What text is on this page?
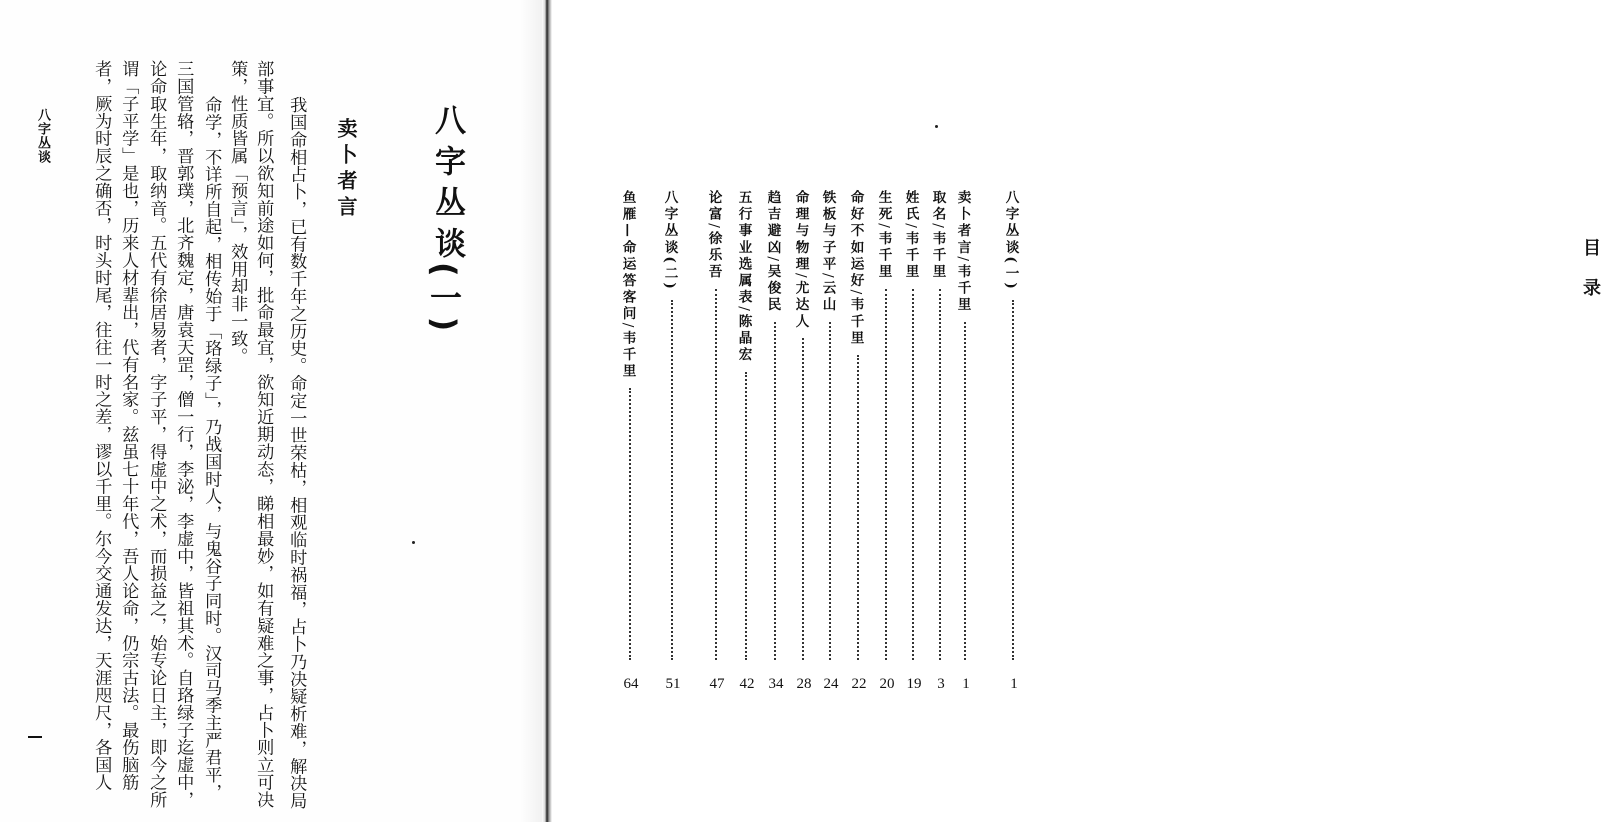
八字丛谈	八字丛谈
(一)
卖卜者言
我国命相占卜，已有数千年之历史。命定一世荣枯，相观临时祸福，占卜乃决疑析难，解决局
部事宜。所以欲知前途如何，批命最宜，欲知近期动态，睇相最妙，如有疑难之事，占卜则立可决
策，性质皆属「预言」，效用却非一致。
命学，不详所自起，相传始于「珞绿子」，乃战国时人，与鬼谷子同时。汉司马季主严君平，
三国管辂，晋郭璞，北齐魏定，唐袁天罡，僧一行，李泌，李虚中，皆祖其术。自珞绿子迄虚中，
论命取生年，取纳音。五代有徐居易者，字子平，得虚中之术，而损益之，始专论日主，即今之所
谓「子平学」是也，历来人材辈出，代有名家。兹虽七十年代，吾人论命，仍宗古法。最伤脑筋
者，厥为时辰之确否，时头时尾，往往一时之差，谬以千里。尔今交通发达，天涯咫尺，各国人	目录
八字丛谈(一)
1
卖卜者言/韦千里
1
取名/韦千里
3
姓氏/韦千里
19
生死/韦千里
20
命好不如运好/韦千里
22
铁板与子平/云山
24
命理与物理/尤达人
28
趋吉避凶/吴俊民
34
五行事业选属表/陈晶宏
42
论富/徐乐吾
47
八字丛谈(二)
51
鱼雁—命运答客问/韦千里
64
